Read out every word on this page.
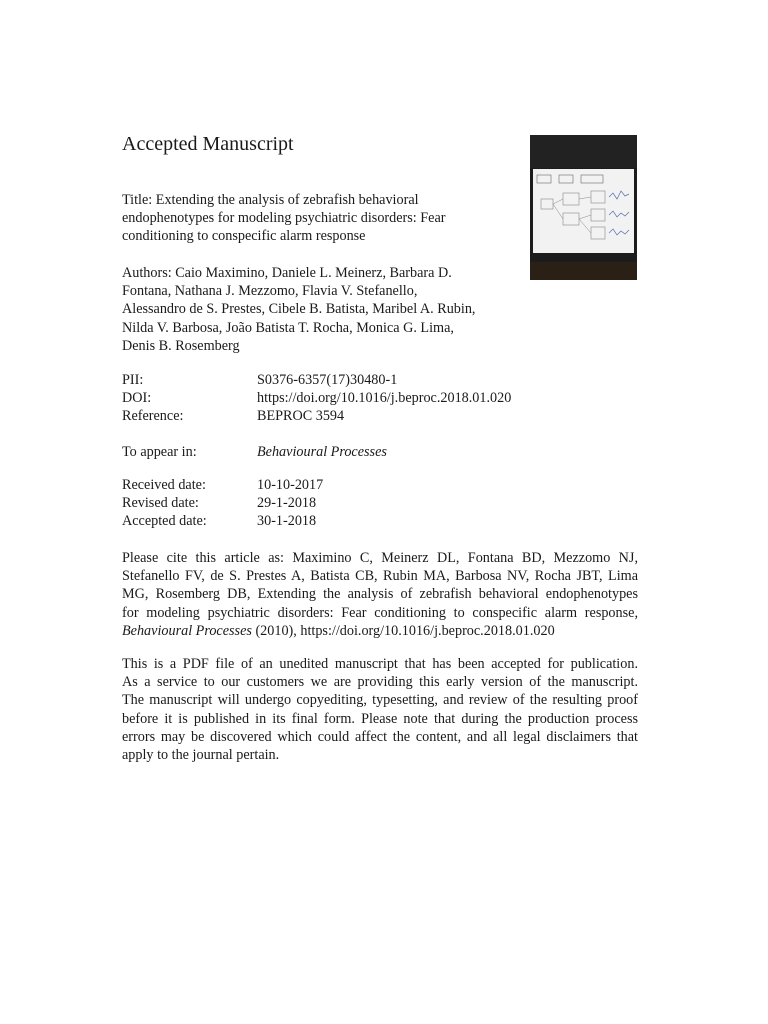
Accepted Manuscript
Title: Extending the analysis of zebrafish behavioral
endophenotypes for modeling psychiatric disorders: Fear
conditioning to conspecific alarm response
Authors: Caio Maximino, Daniele L. Meinerz, Barbara D.
Fontana, Nathana J. Mezzomo, Flavia V. Stefanello,
Alessandro de S. Prestes, Cibele B. Batista, Maribel A. Rubin,
Nilda V. Barbosa, João Batista T. Rocha, Monica G. Lima,
Denis B. Rosemberg
PII:	S0376-6357(17)30480-1
DOI:	https://doi.org/10.1016/j.beproc.2018.01.020
Reference:	BEPROC 3594
To appear in:	Behavioural Processes
Received date:	10-10-2017
Revised date:	29-1-2018
Accepted date:	30-1-2018
Please cite this article as: Maximino C, Meinerz DL, Fontana BD, Mezzomo NJ,
Stefanello FV, de S. Prestes A, Batista CB, Rubin MA, Barbosa NV, Rocha JBT, Lima
MG, Rosemberg DB, Extending the analysis of zebrafish behavioral endophenotypes
for modeling psychiatric disorders: Fear conditioning to conspecific alarm response,
Behavioural Processes (2010), https://doi.org/10.1016/j.beproc.2018.01.020
This is a PDF file of an unedited manuscript that has been accepted for publication.
As a service to our customers we are providing this early version of the manuscript.
The manuscript will undergo copyediting, typesetting, and review of the resulting proof
before it is published in its final form. Please note that during the production process
errors may be discovered which could affect the content, and all legal disclaimers that
apply to the journal pertain.
